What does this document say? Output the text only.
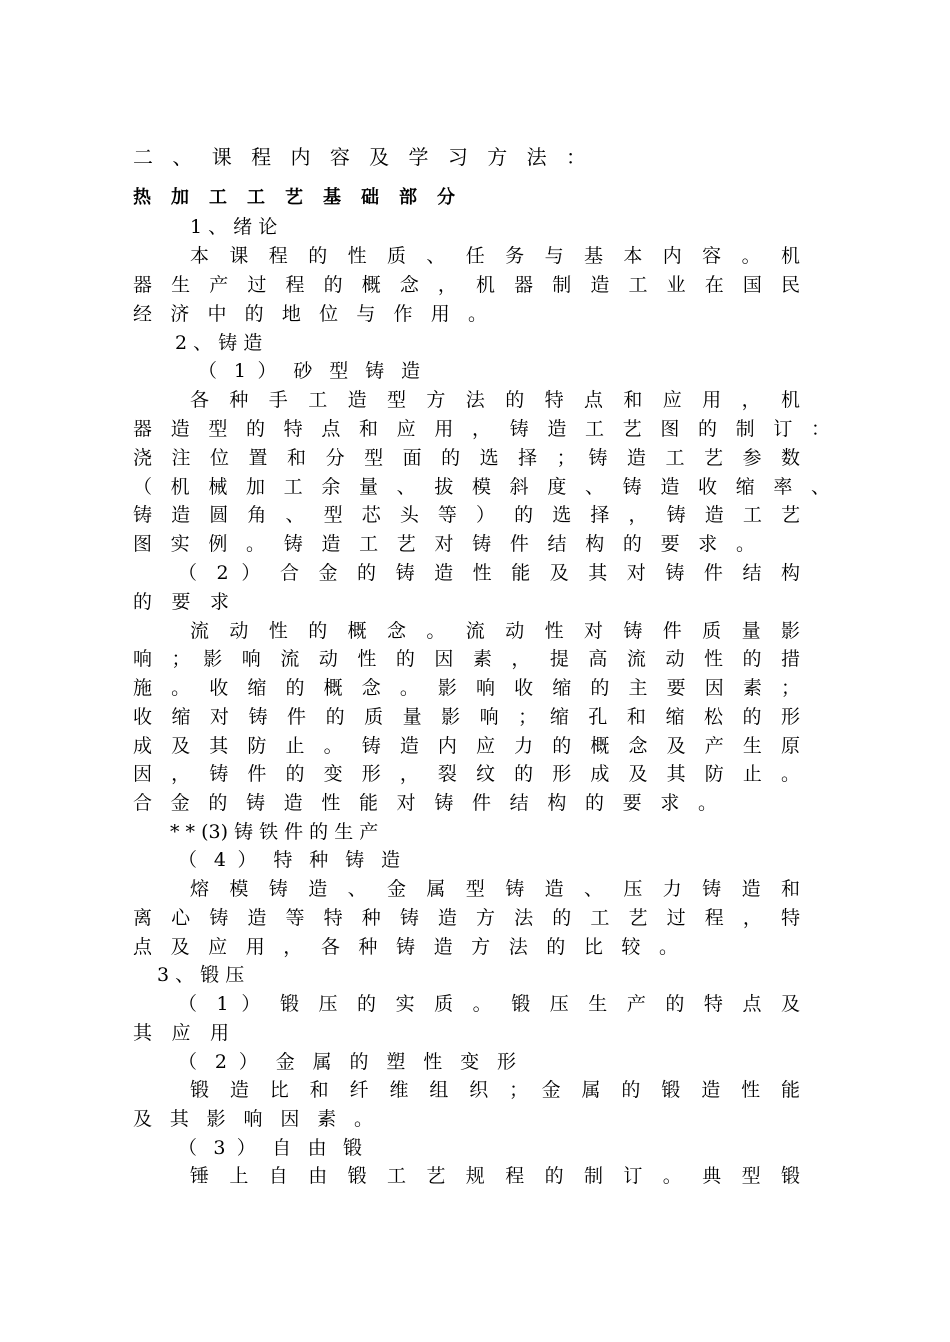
二 、 课 程 内 容 及 学 习 方 法 ：
热 加 工 工 艺 基 础 部 分
1 、 绪 论
本 课 程 的 性 质 、 任 务 与 基 本 内 容 。 机
器 生 产 过 程 的 概 念 ， 机 器 制 造 工 业 在 国 民
经 济 中 的 地 位 与 作 用 。
2 、 铸 造
（ 1 ） 砂 型 铸 造
各 种 手 工 造 型 方 法 的 特 点 和 应 用 ， 机
器 造 型 的 特 点 和 应 用 ， 铸 造 工 艺 图 的 制 订 ：
浇 注 位 置 和 分 型 面 的 选 择 ； 铸 造 工 艺 参 数
（ 机 械 加 工 余 量 、 拔 模 斜 度 、 铸 造 收 缩 率 、
铸 造 圆 角 、 型 芯 头 等 ） 的 选 择 ， 铸 造 工 艺
图 实 例 。 铸 造 工 艺 对 铸 件 结 构 的 要 求 。
（ 2 ） 合 金 的 铸 造 性 能 及 其 对 铸 件 结 构
的 要 求
流 动 性 的 概 念 。 流 动 性 对 铸 件 质 量 影
响 ； 影 响 流 动 性 的 因 素 ， 提 高 流 动 性 的 措
施 。 收 缩 的 概 念 。 影 响 收 缩 的 主 要 因 素 ；
收 缩 对 铸 件 的 质 量 影 响 ； 缩 孔 和 缩 松 的 形
成 及 其 防 止 。 铸 造 内 应 力 的 概 念 及 产 生 原
因 ， 铸 件 的 变 形 ， 裂 纹 的 形 成 及 其 防 止 。
合 金 的 铸 造 性 能 对 铸 件 结 构 的 要 求 。
* * (3) 铸 铁 件 的 生 产
（ 4 ） 特 种 铸 造
熔 模 铸 造 、 金 属 型 铸 造 、 压 力 铸 造 和
离 心 铸 造 等 特 种 铸 造 方 法 的 工 艺 过 程 ， 特
点 及 应 用 ， 各 种 铸 造 方 法 的 比 较 。
3 、 锻 压
（ 1 ） 锻 压 的 实 质 。 锻 压 生 产 的 特 点 及
其 应 用
（ 2 ） 金 属 的 塑 性 变 形
锻 造 比 和 纤 维 组 织 ； 金 属 的 锻 造 性 能
及 其 影 响 因 素 。
（ 3 ） 自 由 锻
锤 上 自 由 锻 工 艺 规 程 的 制 订 。 典 型 锻
